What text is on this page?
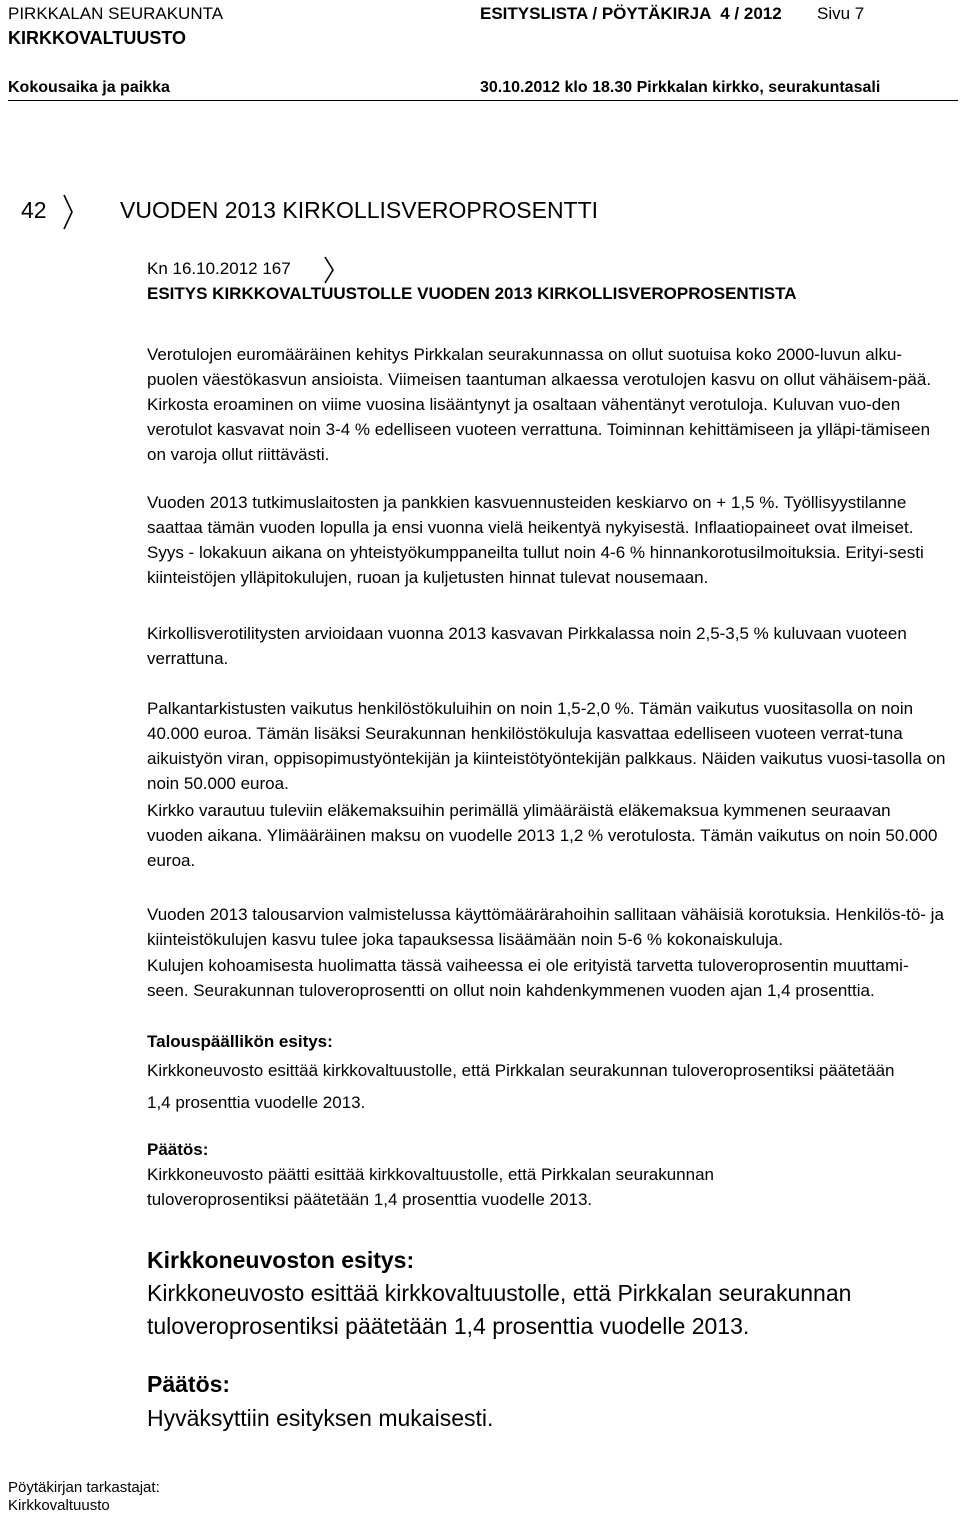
PIRKKALAN SEURAKUNTA	ESITYSLISTA / PÖYTÄKIRJA 4 / 2012 Sivu 7
KIRKKOVALTUUSTO
Kokousaika ja paikka	30.10.2012 klo 18.30 Pirkkalan kirkko, seurakuntasali
42	VUODEN 2013 KIRKOLLISVEROPROSENTTI
Kn 16.10.2012 167
ESITYS KIRKKOVALTUUSTOLLE VUODEN 2013 KIRKOLLISVEROPROSENTISTA

Verotulojen euromääräinen kehitys Pirkkalan seurakunnassa on ollut suotuisa koko 2000-luvun alku-puolen väestökasvun ansioista. Viimeisen taantuman alkaessa verotulojen kasvu on ollut vähäisem-pää. Kirkosta eroaminen on viime vuosina lisääntynyt ja osaltaan vähentänyt verotuloja. Kuluvan vuo-den verotulot kasvavat noin 3-4 % edelliseen vuoteen verrattuna. Toiminnan kehittämiseen ja ylläpi-tämiseen on varoja ollut riittävästi.

Vuoden 2013 tutkimuslaitosten ja pankkien kasvuennusteiden keskiarvo on + 1,5 %. Työllisyystilanne saattaa tämän vuoden lopulla ja ensi vuonna vielä heikentyä nykyisestä. Inflaatiopaineet ovat ilmeiset. Syys - lokakuun aikana on yhteistyökumppaneilta tullut noin 4-6 % hinnankorotusilmoituksia. Erityi-sesti kiinteistöjen ylläpitokulujen, ruoan ja kuljetusten hinnat tulevat nousemaan.

Kirkollisverotilitysten arvioidaan vuonna 2013 kasvavan Pirkkalassa noin 2,5-3,5 % kuluvaan vuoteen verrattuna.

Palkantarkistusten vaikutus henkilöstökuluihin on noin 1,5-2,0 %. Tämän vaikutus vuositasolla on noin 40.000 euroa. Tämän lisäksi Seurakunnan henkilöstökuluja kasvattaa edelliseen vuoteen verrat-tuna aikuistyön viran, oppisopimustyöntekijän ja kiinteistötyöntekijän palkkaus. Näiden vaikutus vuosi-tasolla on noin 50.000 euroa.

Kirkko varautuu tuleviin eläkemaksuihin perimällä ylimääräistä eläkemaksua kymmenen seuraavan vuoden aikana. Ylimääräinen maksu on vuodelle 2013 1,2 % verotulosta. Tämän vaikutus on noin 50.000 euroa.

Vuoden 2013 talousarvion valmistelussa käyttömäärärahoihin sallitaan vähäisiä korotuksia. Henkilös-tö- ja kiinteistökulujen kasvu tulee joka tapauksessa lisäämään noin 5-6 % kokonaiskuluja.

Kulujen kohoamisesta huolimatta tässä vaiheessa ei ole erityistä tarvetta tuloveroprosentin muuttami-seen. Seurakunnan tuloveroprosentti on ollut noin kahdenkymmenen vuoden ajan 1,4 prosenttia.

Talouspäällikön esitys:
Kirkkoneuvosto esittää kirkkovaltuustolle, että Pirkkalan seurakunnan tuloveroprosentiksi päätetään
1,4 prosenttia vuodelle 2013.
Päätös:
Kirkkoneuvosto päätti esittää kirkkovaltuustolle, että Pirkkalan seurakunnan
tuloveroprosentiksi päätetään 1,4 prosenttia vuodelle 2013.
Kirkkoneuvoston esitys:
Kirkkoneuvosto esittää kirkkovaltuustolle, että Pirkkalan seurakunnan
tuloveroprosentiksi päätetään 1,4 prosenttia vuodelle 2013.
Päätös:
Hyväksyttiin esityksen mukaisesti.
Pöytäkirjan tarkastajat:
Kirkkovaltuusto
